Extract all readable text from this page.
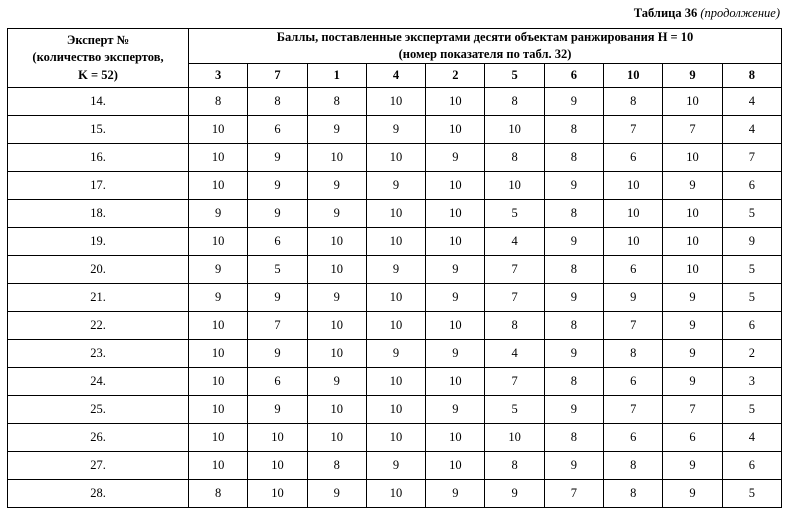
Таблица 36 (продолжение)
Эксперт №
(количество экспертов,
K = 52)

Баллы, поставленные экспертами десяти объектам ранжирования H = 10
(номер показателя по табл. 32)

	3	7	1	4	2	5	6	10	9	8
14.	8	8	8	10	10	8	9	8	10	4
15.	10	6	9	9	10	10	8	7	7	4
16.	10	9	10	10	9	8	8	6	10	7
17.	10	9	9	9	10	10	9	10	9	6
18.	9	9	9	10	10	5	8	10	10	5
19.	10	6	10	10	10	4	9	10	10	9
20.	9	5	10	9	9	7	8	6	10	5
21.	9	9	9	10	9	7	9	9	9	5
22.	10	7	10	10	10	8	8	7	9	6
23.	10	9	10	9	9	4	9	8	9	2
24.	10	6	9	10	10	7	8	6	9	3
25.	10	9	10	10	9	5	9	7	7	5
26.	10	10	10	10	10	10	8	6	6	4
27.	10	10	8	9	10	8	9	8	9	6
28.	8	10	9	10	9	9	7	8	9	5
